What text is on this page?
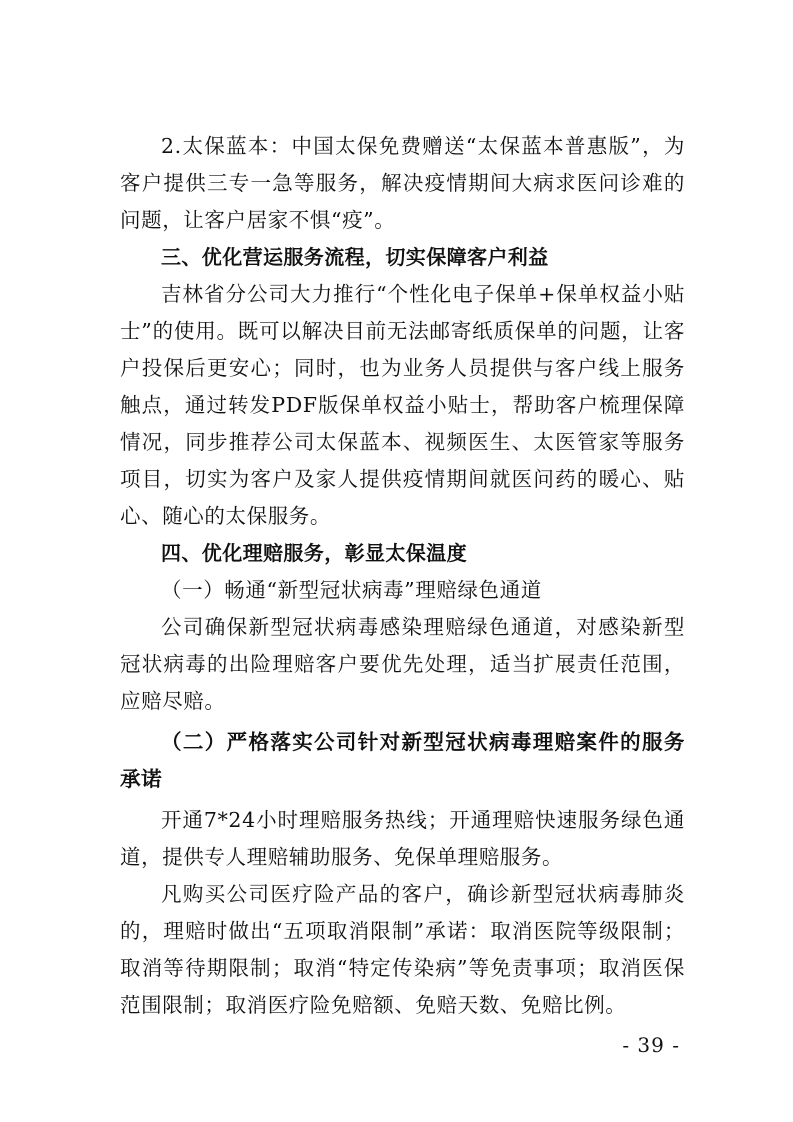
2.太保蓝本：中国太保免费赠送“太保蓝本普惠版”，为客户提供三专一急等服务，解决疫情期间大病求医问诊难的问题，让客户居家不惧“疫”。

三、优化营运服务流程，切实保障客户利益

吉林省分公司大力推行“个性化电子保单+保单权益小贴士”的使用。既可以解决目前无法邮寄纸质保单的问题，让客户投保后更安心；同时，也为业务人员提供与客户线上服务触点，通过转发PDF版保单权益小贴士，帮助客户梳理保障情况，同步推荐公司太保蓝本、视频医生、太医管家等服务项目，切实为客户及家人提供疫情期间就医问药的暖心、贴心、随心的太保服务。

四、优化理赔服务，彰显太保温度

（一）畅通“新型冠状病毒”理赔绿色通道

公司确保新型冠状病毒感染理赔绿色通道，对感染新型冠状病毒的出险理赔客户要优先处理，适当扩展责任范围，应赔尽赔。

（二）严格落实公司针对新型冠状病毒理赔案件的服务承诺

开通7*24小时理赔服务热线；开通理赔快速服务绿色通道，提供专人理赔辅助服务、免保单理赔服务。

凡购买公司医疗险产品的客户，确诊新型冠状病毒肺炎的，理赔时做出“五项取消限制”承诺：取消医院等级限制；取消等待期限制；取消“特定传染病”等免责事项；取消医保范围限制；取消医疗险免赔额、免赔天数、免赔比例。

- 39 -
